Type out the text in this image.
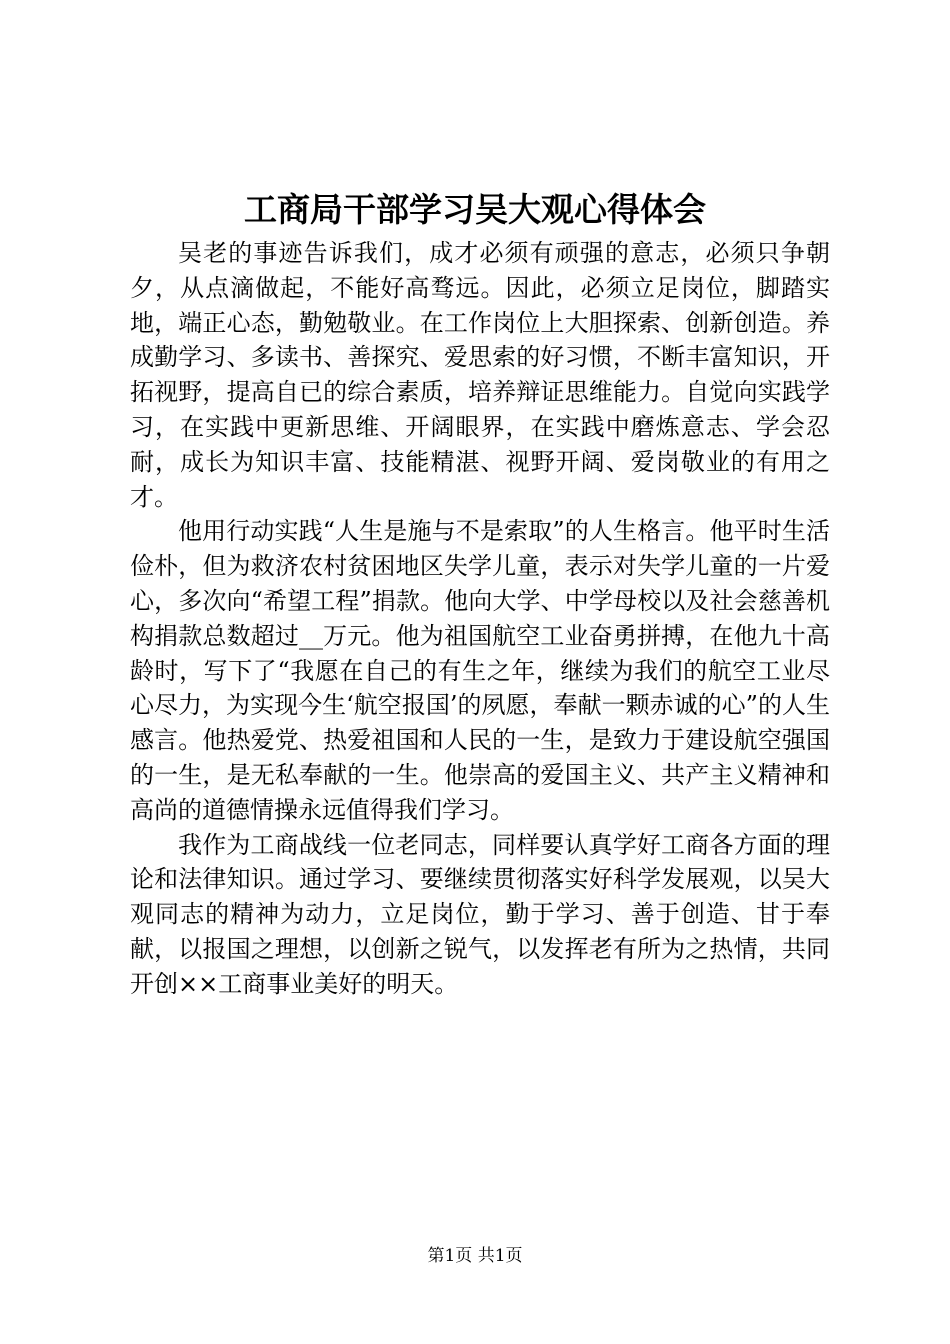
工商局干部学习吴大观心得体会

吴老的事迹告诉我们，成才必须有顽强的意志，必须只争朝夕，从点滴做起，不能好高骛远。因此，必须立足岗位，脚踏实地，端正心态，勤勉敬业。在工作岗位上大胆探索、创新创造。养成勤学习、多读书、善探究、爱思索的好习惯，不断丰富知识，开拓视野，提高自已的综合素质，培养辩证思维能力。自觉向实践学习，在实践中更新思维、开阔眼界，在实践中磨炼意志、学会忍耐，成长为知识丰富、技能精湛、视野开阔、爱岗敬业的有用之才。

他用行动实践“人生是施与不是索取”的人生格言。他平时生活俭朴，但为救济农村贫困地区失学儿童，表示对失学儿童的一片爱心，多次向“希望工程”捐款。他向大学、中学母校以及社会慈善机构捐款总数超过__万元。他为祖国航空工业奋勇拼搏，在他九十高龄时，写下了“我愿在自己的有生之年，继续为我们的航空工业尽心尽力，为实现今生‘航空报国’的夙愿，奉献一颗赤诚的心”的人生感言。他热爱党、热爱祖国和人民的一生，是致力于建设航空强国的一生，是无私奉献的一生。他崇高的爱国主义、共产主义精神和高尚的道德情操永远值得我们学习。

我作为工商战线一位老同志，同样要认真学好工商各方面的理论和法律知识。通过学习、要继续贯彻落实好科学发展观，以吴大观同志的精神为动力，立足岗位，勤于学习、善于创造、甘于奉献，以报国之理想，以创新之锐气，以发挥老有所为之热情，共同开创××工商事业美好的明天。

第1页 共1页
